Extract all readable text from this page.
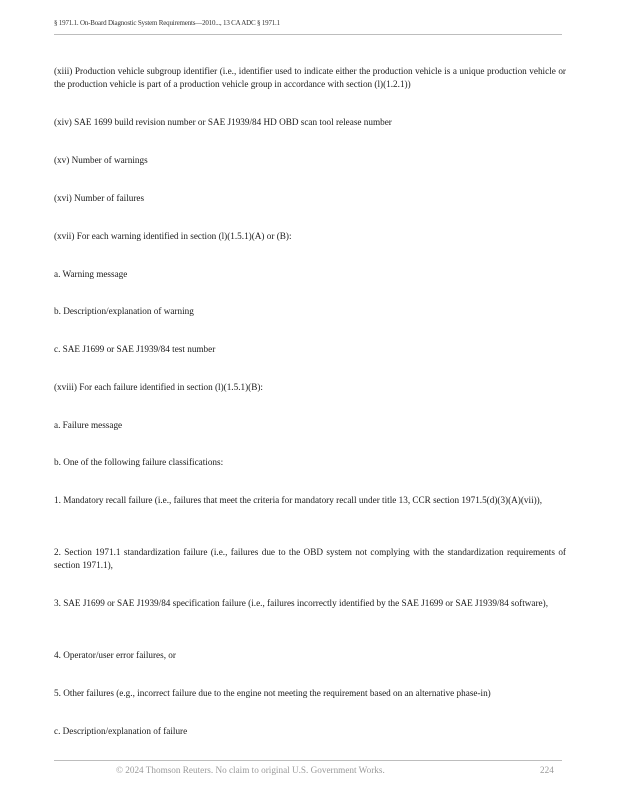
§ 1971.1. On-Board Diagnostic System Requirements—2010..., 13 CA ADC § 1971.1

(xiii) Production vehicle subgroup identifier (i.e., identifier used to indicate either the production vehicle is a unique production vehicle or the production vehicle is part of a production vehicle group in accordance with section (l)(1.2.1))

(xiv) SAE 1699 build revision number or SAE J1939/84 HD OBD scan tool release number

(xv) Number of warnings

(xvi) Number of failures

(xvii) For each warning identified in section (l)(1.5.1)(A) or (B):

a. Warning message

b. Description/explanation of warning

c. SAE J1699 or SAE J1939/84 test number

(xviii) For each failure identified in section (l)(1.5.1)(B):

a. Failure message

b. One of the following failure classifications:

1. Mandatory recall failure (i.e., failures that meet the criteria for mandatory recall under title 13, CCR section 1971.5(d)(3)(A)(vii)),

2. Section 1971.1 standardization failure (i.e., failures due to the OBD system not complying with the standardization requirements of section 1971.1),

3. SAE J1699 or SAE J1939/84 specification failure (i.e., failures incorrectly identified by the SAE J1699 or SAE J1939/84 software),

4. Operator/user error failures, or

5. Other failures (e.g., incorrect failure due to the engine not meeting the requirement based on an alternative phase-in)

c. Description/explanation of failure

© 2024 Thomson Reuters. No claim to original U.S. Government Works.	224
